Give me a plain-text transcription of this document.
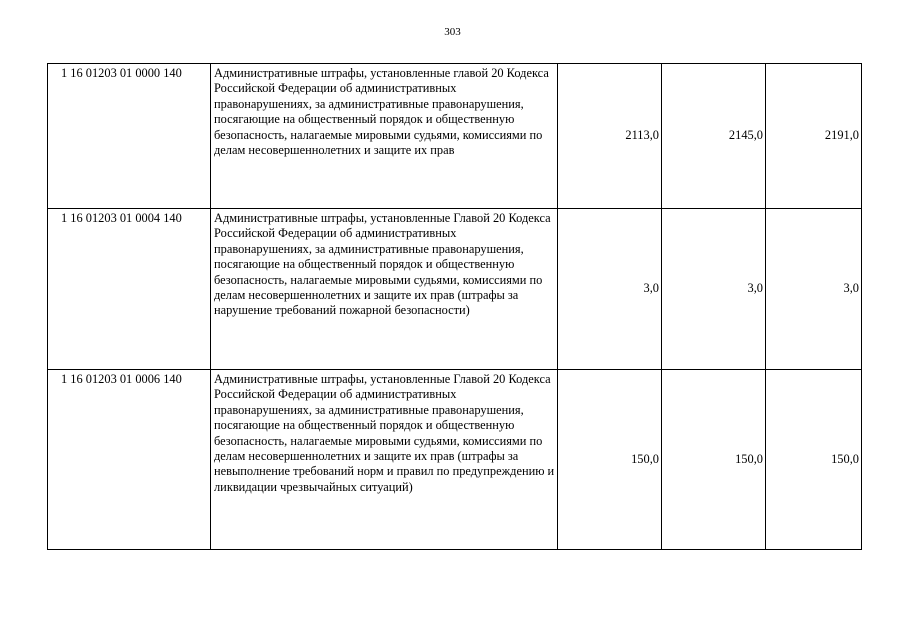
303
1 16 01203 01 0000 140	Административные штрафы, установленные главой 20 Кодекса Российской Федерации об административных правонарушениях, за административные правонарушения, посягающие на общественный порядок и общественную безопасность, налагаемые мировыми судьями, комиссиями по делам несовершеннолетних и защите их прав	2113,0	2145,0	2191,0
1 16 01203 01 0004 140	Административные штрафы, установленные Главой 20 Кодекса Российской Федерации об административных правонарушениях, за административные правонарушения, посягающие на общественный порядок и общественную безопасность, налагаемые мировыми судьями, комиссиями по делам несовершеннолетних и защите их прав (штрафы за нарушение требований пожарной безопасности)	3,0	3,0	3,0
1 16 01203 01 0006 140	Административные штрафы, установленные Главой 20 Кодекса Российской Федерации об административных правонарушениях, за административные правонарушения, посягающие на общественный порядок и общественную безопасность, налагаемые мировыми судьями, комиссиями по делам несовершеннолетних и защите их прав (штрафы за невыполнение требований норм и правил по предупреждению и ликвидации чрезвычайных ситуаций)	150,0	150,0	150,0
